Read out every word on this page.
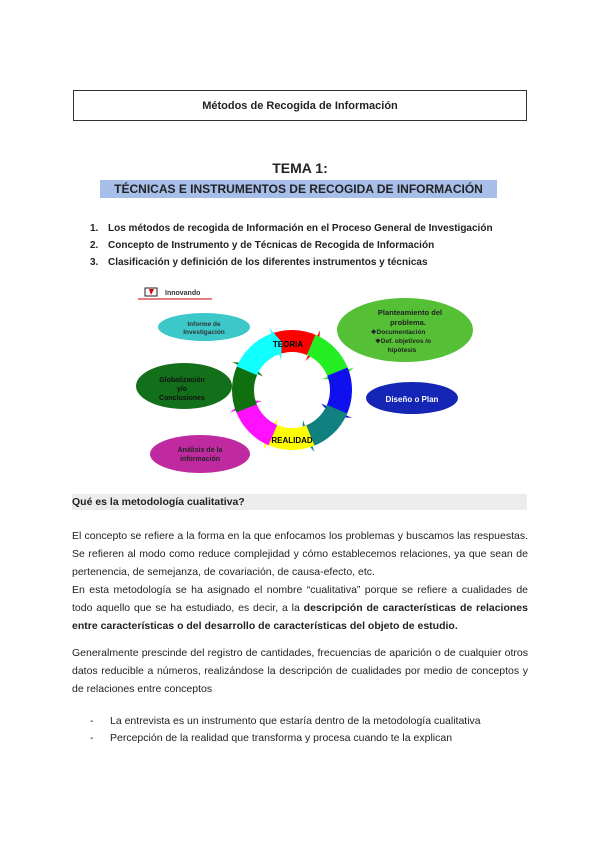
Métodos de Recogida de Información
TEMA 1:
TÉCNICAS E INSTRUMENTOS DE RECOGIDA DE INFORMACIÓN
1. Los métodos de recogida de Información en el Proceso General de Investigación
2. Concepto de Instrumento y de Técnicas de Recogida de Información
3. Clasificación y definición de los diferentes instrumentos y técnicas
Innovando
TEORIA
REALIDAD
Informe de
Investigación
Planteamiento del
problema.
❖Documentación
❖Def. objetivos /o
hipótesis
Diseño o Plan
Globalización
y/o
Conclusiones
Análisis de la
información
Qué es la metodología cualitativa?
El concepto se refiere a la forma en la que enfocamos los problemas y buscamos las respuestas. Se refieren al modo como reduce complejidad y cómo establecemos relaciones, ya que sean de pertenencia, de semejanza, de covariación, de causa-efecto, etc.
En esta metodología se ha asignado el nombre “cualitativa” porque se refiere a cualidades de todo aquello que se ha estudiado, es decir, a la descripción de características de relaciones entre características o del desarrollo de características del objeto de estudio.
Generalmente prescinde del registro de cantidades, frecuencias de aparición o de cualquier otros datos reducible a números, realizándose la descripción de cualidades por medio de conceptos y de relaciones entre conceptos
- La entrevista es un instrumento que estaría dentro de la metodología cualitativa
- Percepción de la realidad que transforma y procesa cuando te la explican
